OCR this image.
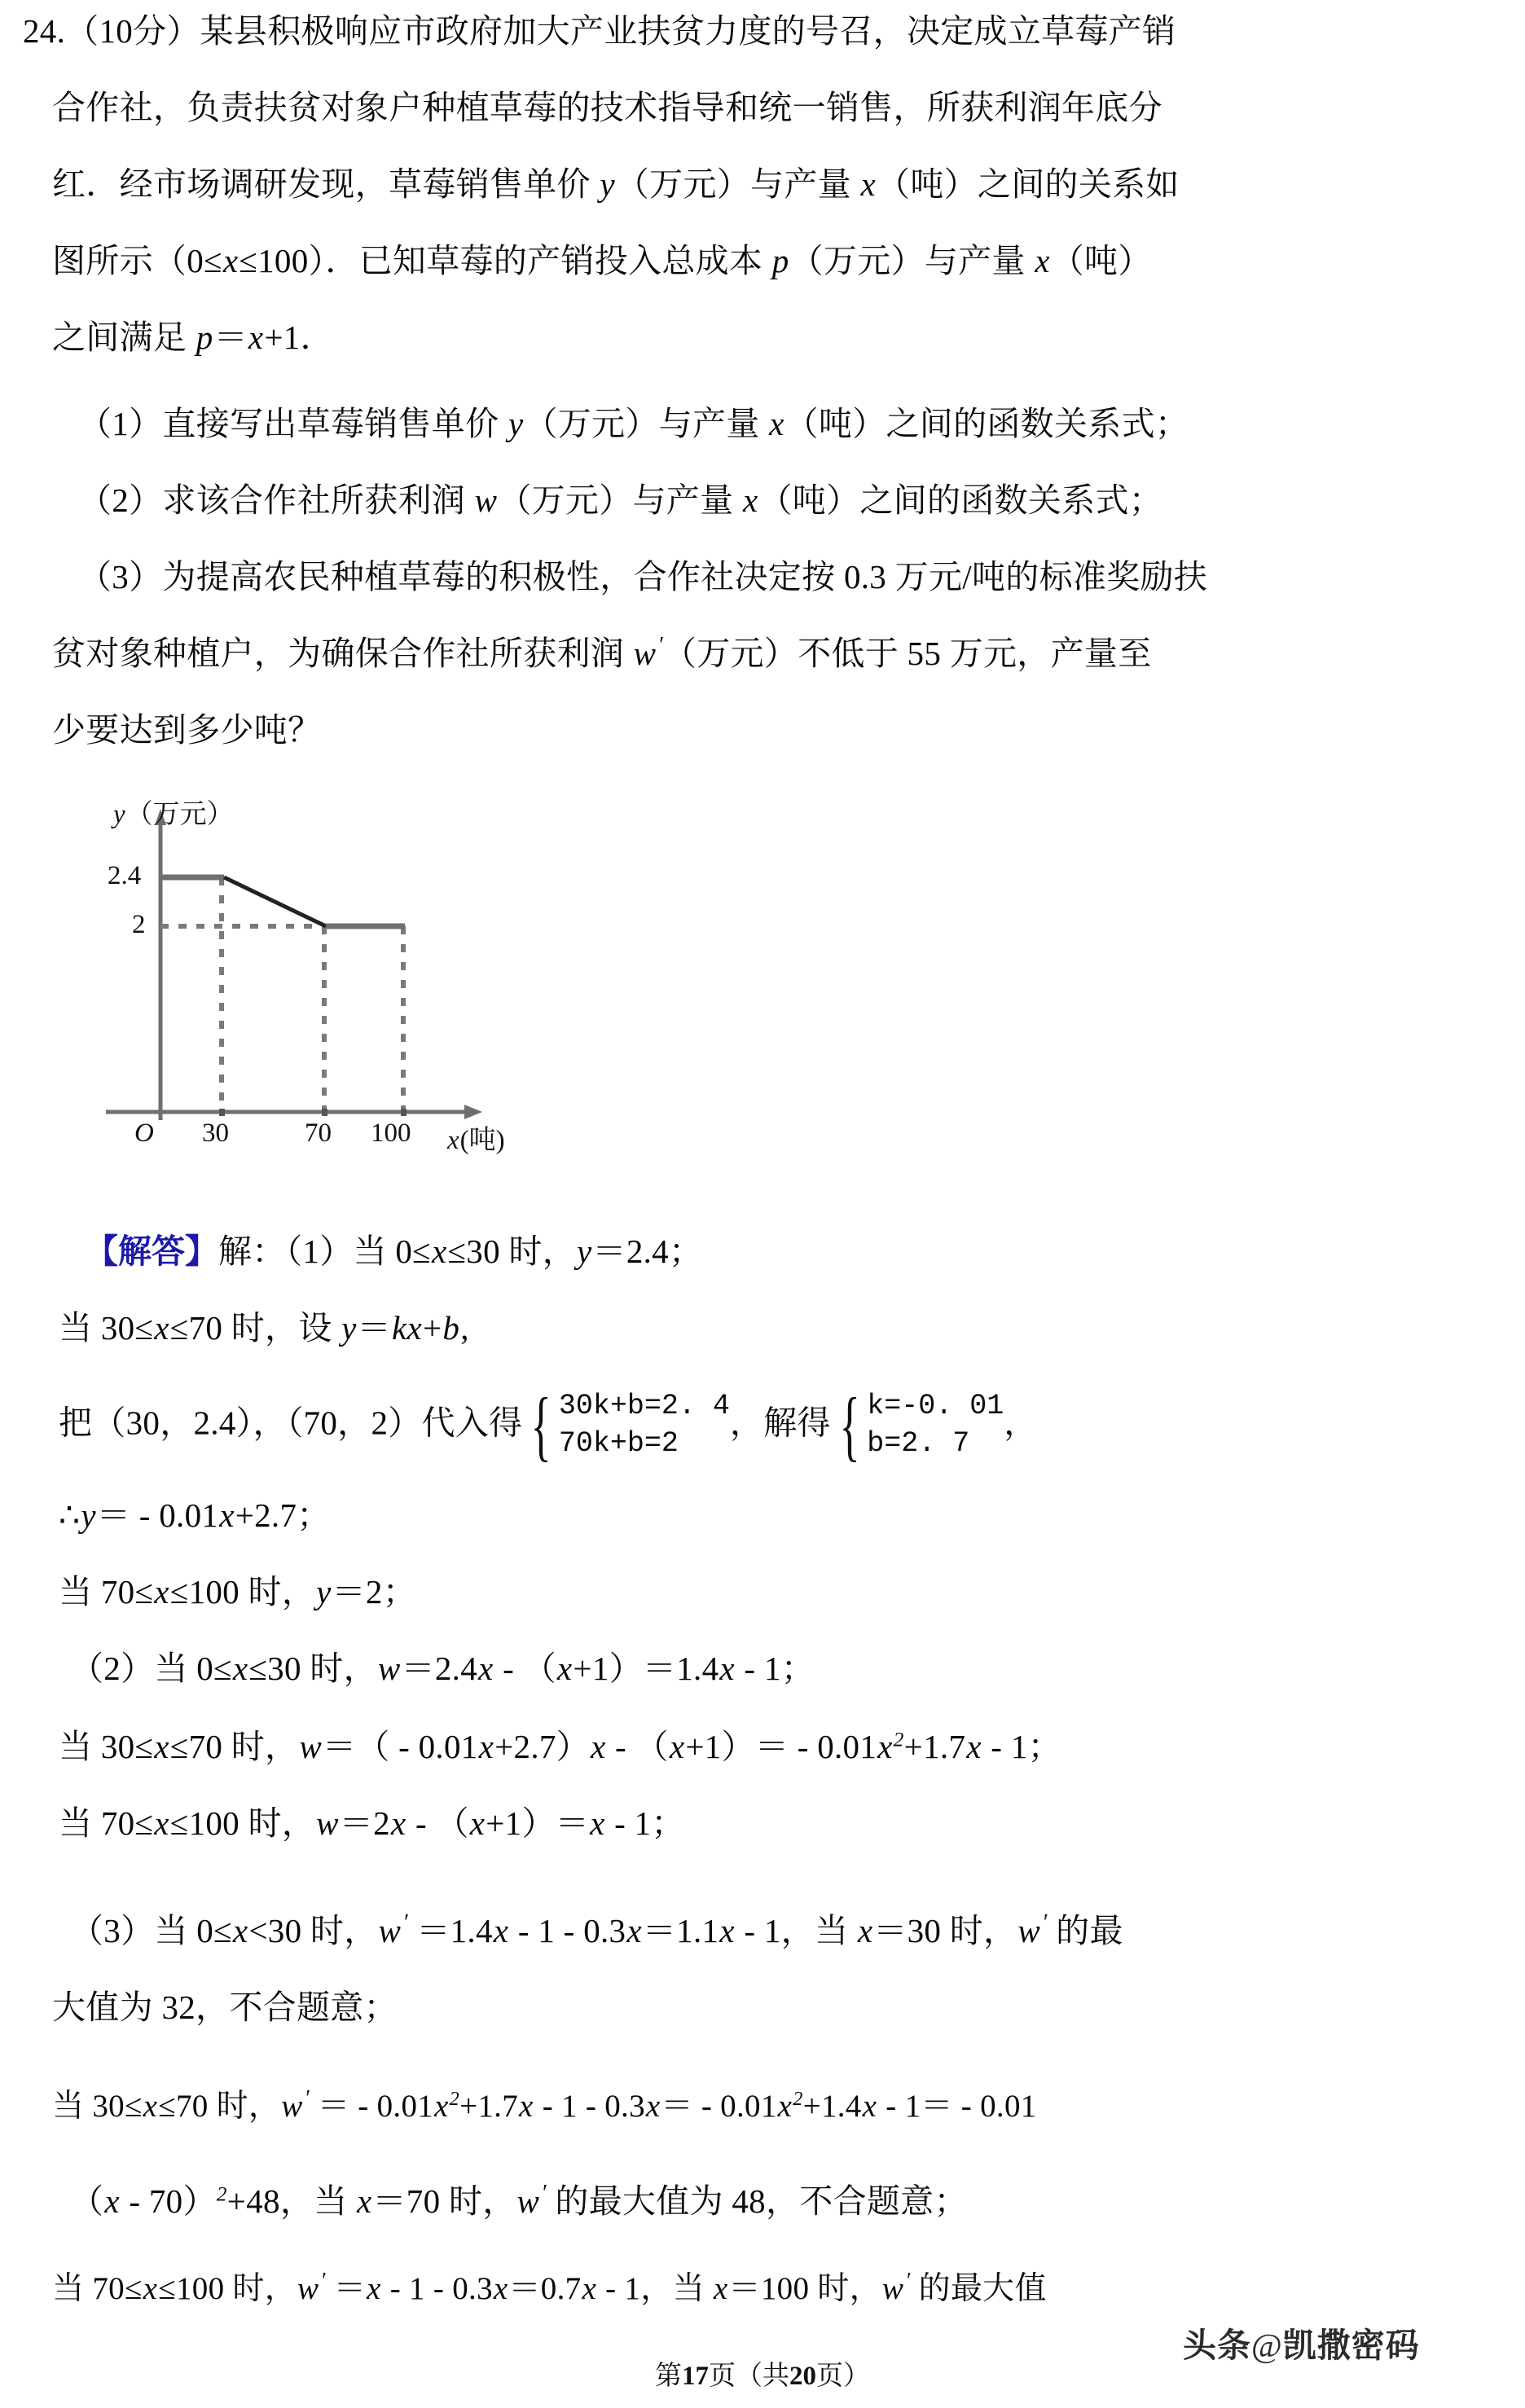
24.（10分）某县积极响应市政府加大产业扶贫力度的号召，决定成立草莓产销
合作社，负责扶贫对象户种植草莓的技术指导和统一销售，所获利润年底分
红．经市场调研发现，草莓销售单价 y（万元）与产量 x（吨）之间的关系如
图所示（0≤x≤100）．已知草莓的产销投入总成本 p（万元）与产量 x（吨）
之间满足 p＝x+1．
（1）直接写出草莓销售单价 y（万元）与产量 x（吨）之间的函数关系式；
（2）求该合作社所获利润 w（万元）与产量 x（吨）之间的函数关系式；
（3）为提高农民种植草莓的积极性，合作社决定按 0.3 万元/吨的标准奖励扶
贫对象种植户，为确保合作社所获利润 w′（万元）不低于 55 万元，产量至
少要达到多少吨？
y（万元）
2.4
2
O 30	70 100 x(吨)
【解答】解：（1）当 0≤x≤30 时，y＝2.4；
当 30≤x≤70 时，设 y＝kx+b,
把（30，2.4），（70，2）代入得 { 30k+b=2. 4
70k+b=2
，解得 { k=-0. 01
b=2. 7
，
∴y＝ - 0.01x+2.7；
当 70≤x≤100 时，y＝2；
（2）当 0≤x≤30 时，w＝2.4x - （x+1）＝1.4x - 1；
当 30≤x≤70 时，$w=( - 0.01x+2.7)x - (x+1)= - 0.01x^2+1.7x - 1$；
当 70≤x≤100 时，w＝2x - （x+1）＝x - 1；
（3）当 0≤x<30 时，w′ ＝1.4x - 1 - 0.3x＝1.1x - 1，当 x＝30 时，w′ 的最
大值为 32，不合题意；
当 30≤x≤70 时，w′ ＝ - $0.01x^2+1.7x - 1 - 0.3x= - 0.01x^2+1.4x - 1= - 0.01$
（x - 70）$^2$+48，当 x＝70 时，w′ 的最大值为 48，不合题意；
当 70≤x≤100 时，w′ ＝x - 1 - 0.3x＝0.7x - 1，当 x＝100 时，w′ 的最大值
头条@凯撒密码
第17页（共20页）
